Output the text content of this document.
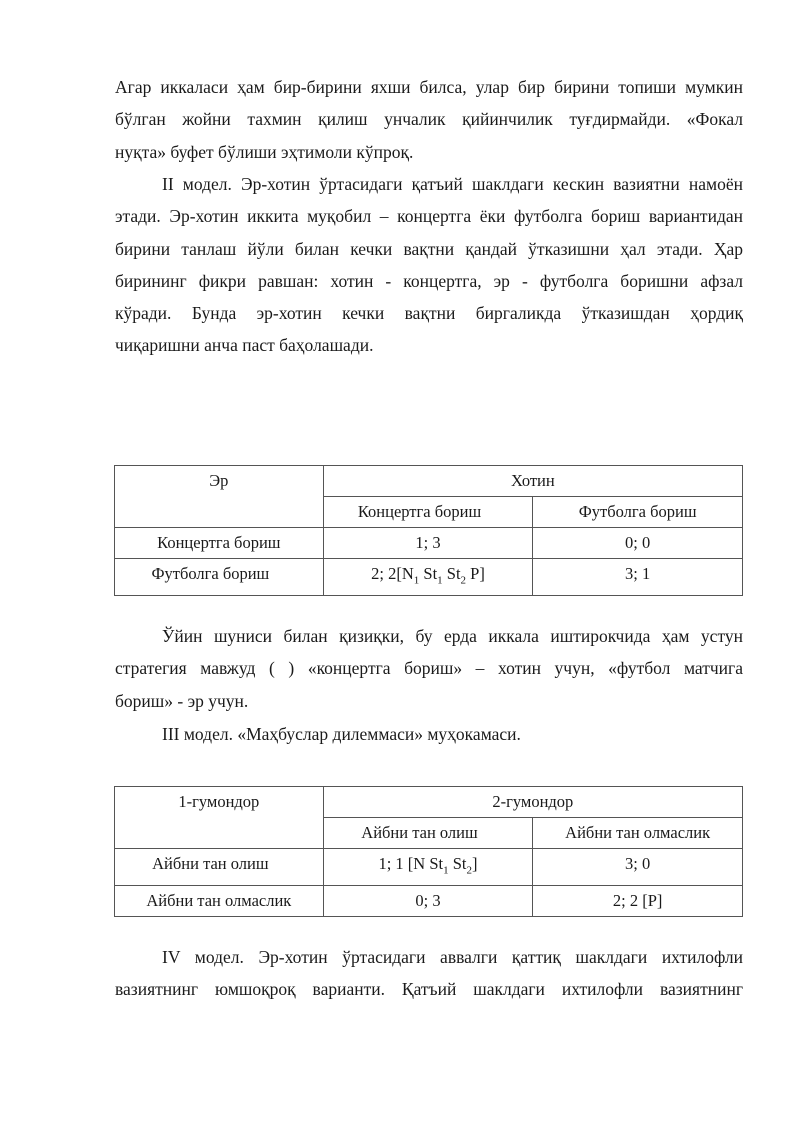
Агар иккаласи ҳам бир-бирини яхши билса, улар бир бирини топиши мумкин
бўлган жойни тахмин қилиш унчалик қийинчилик туғдирмайди. «Фокал
нуқта» буфет бўлиши эҳтимоли кўпроқ.
II модел. Эр-хотин ўртасидаги қатъий шаклдаги кескин вазиятни намоён
этади. Эр-хотин иккита муқобил – концертга ёки футболга бориш вариантидан
бирини танлаш йўли билан кечки вақтни қандай ўтказишни ҳал этади. Ҳар
бирининг фикри равшан: хотин - концертга, эр - футболга боришни афзал
кўради. Бунда эр-хотин кечки вақтни биргаликда ўтказишдан ҳордиқ
чиқаришни анча паст баҳолашади.
Эр	Хотин	
	Концертга бориш	Футболга бориш
Концертга бориш	1; 3	0; 0
Футболга бориш	2; $2[N_1$ $St_1$ $St_2$ P]	3; 1
Ўйин шуниси билан қизиқки, бу ерда иккала иштирокчида ҳам устун
стратегия мавжуд ( ) «концертга бориш» – хотин учун, «футбол матчига
бориш» - эр учун.

III модел. «Маҳбуслар дилеммаси» муҳокамаси.

1-гумондор	2-гумондор	
	Айбни тан олиш	Айбни тан олмаслик
Айбни тан олиш	1; 1 [N $St_1$ $St_2$]	3; 0
Айбни тан олмаслик	0; 3	2; 2 [P]
IV модел. Эр-хотин ўртасидаги аввалги қаттиқ шаклдаги ихтилофли
вазиятнинг юмшоқроқ варианти. Қатъий шаклдаги ихтилофли вазиятнинг
